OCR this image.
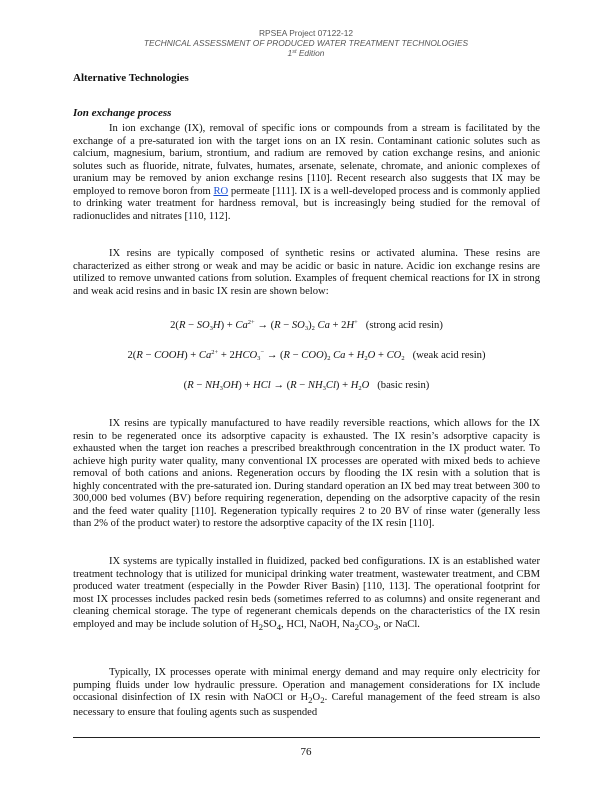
RPSEA Project 07122-12
TECHNICAL ASSESSMENT OF PRODUCED WATER TREATMENT TECHNOLOGIES
1st Edition
Alternative Technologies
Ion exchange process

In ion exchange (IX), removal of specific ions or compounds from a stream is facilitated by the exchange of a pre-saturated ion with the target ions on an IX resin. Contaminant cationic solutes such as calcium, magnesium, barium, strontium, and radium are removed by cation exchange resins, and anionic solutes such as fluoride, nitrate, fulvates, humates, arsenate, selenate, chromate, and anionic complexes of uranium may be removed by anion exchange resins [110]. Recent research also suggests that IX may be employed to remove boron from RO permeate [111]. IX is a well-developed process and is commonly applied to drinking water treatment for hardness removal, but is increasingly being studied for the removal of radionuclides and nitrates [110, 112].

IX resins are typically composed of synthetic resins or activated alumina. These resins are characterized as either strong or weak and may be acidic or basic in nature. Acidic ion exchange resins are utilized to remove unwanted cations from solution. Examples of frequent chemical reactions for IX in strong and weak acid resins and in basic IX resin are shown below:

$2(R - SO_3H) + Ca^{2+} \to (R - SO_3)_2$ Ca + 2H+ (strong acid resin)
2(R − COOH) + $Ca^{2+} + 2HCO_3^- \to (R - COO)_2$ $Ca + H_2O + CO_2$ (weak acid resin)
$(R - NH_3OH)$ + HCl → $(R - NH_3Cl) + H_2O$ (basic resin)

IX resins are typically manufactured to have readily reversible reactions, which allows for the IX resin to be regenerated once its adsorptive capacity is exhausted. The IX resin’s adsorptive capacity is exhausted when the target ion reaches a prescribed breakthrough concentration in the IX product water. To achieve high purity water quality, many conventional IX processes are operated with mixed beds to achieve removal of both cations and anions. Regeneration occurs by flooding the IX resin with a solution that is highly concentrated with the pre-saturated ion. During standard operation an IX bed may treat between 300 to 300,000 bed volumes (BV) before requiring regeneration, depending on the adsorptive capacity of the resin and the feed water quality [110]. Regeneration typically requires 2 to 20 BV of rinse water (generally less than 2% of the product water) to restore the adsorptive capacity of the IX resin [110].

IX systems are typically installed in fluidized, packed bed configurations. IX is an established water treatment technology that is utilized for municipal drinking water treatment, wastewater treatment, and CBM produced water treatment (especially in the Powder River Basin) [110, 113]. The operational footprint for most IX processes includes packed resin beds (sometimes referred to as columns) and onsite regenerant and cleaning chemical storage. The type of regenerant chemicals depends on the characteristics of the IX resin employed and may be include solution of $H_2SO_4$, HCl, NaOH, $Na_2CO_3$, or NaCl.

Typically, IX processes operate with minimal energy demand and may require only electricity for pumping fluids under low hydraulic pressure. Operation and management considerations for IX include occasional disinfection of IX resin with NaOCl or $H_2O_2$. Careful management of the feed stream is also necessary to ensure that fouling agents such as suspended

76
